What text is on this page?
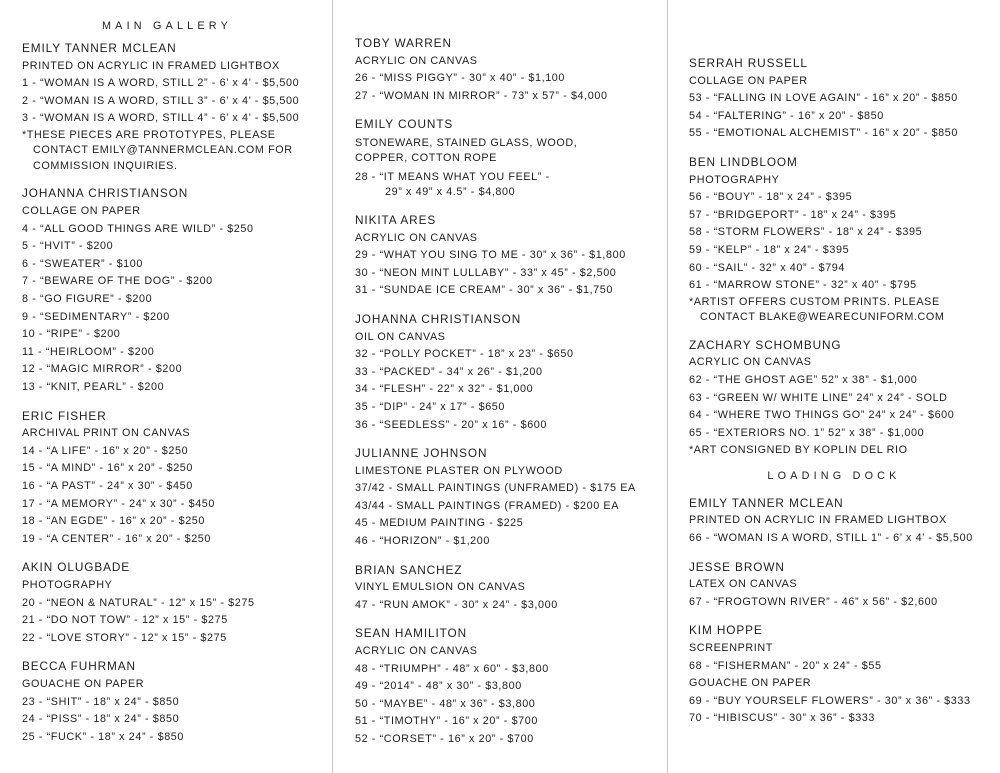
MAIN GALLERY
EMILY TANNER MCLEAN
PRINTED ON ACRYLIC IN FRAMED LIGHTBOX
1 - “WOMAN IS A WORD, STILL 2” - 6’ x 4’ - $5,500
2 - “WOMAN IS A WORD, STILL 3” - 6’ x 4’ - $5,500
3 - “WOMAN IS A WORD, STILL 4” - 6’ x 4’ - $5,500
*THESE PIECES ARE PROTOTYPES, PLEASE
CONTACT EMILY@TANNERMCLEAN.COM FOR
COMMISSION INQUIRIES.
JOHANNA CHRISTIANSON
COLLAGE ON PAPER
4 - “ALL GOOD THINGS ARE WILD” - $250
5 - “HVIT” - $200
6 - “SWEATER” - $100
7 - “BEWARE OF THE DOG” - $200
8 - “GO FIGURE” - $200
9 - “SEDIMENTARY” - $200
10 - “RIPE” - $200
11 - “HEIRLOOM” - $200
12 - “MAGIC MIRROR” - $200
13 - “KNIT, PEARL” - $200
ERIC FISHER
ARCHIVAL PRINT ON CANVAS
14 - “A LIFE” - 16” x 20” - $250
15 - “A MIND” - 16” x 20” - $250
16 - “A PAST” - 24” x 30” - $450
17 - “A MEMORY” - 24” x 30” - $450
18 - “AN EGDE” - 16” x 20” - $250
19 - “A CENTER” - 16” x 20” - $250
AKIN OLUGBADE
PHOTOGRAPHY
20 - “NEON & NATURAL” - 12” x 15” - $275
21 - “DO NOT TOW” - 12” x 15” - $275
22 - “LOVE STORY” - 12” x 15” - $275
BECCA FUHRMAN
GOUACHE ON PAPER
23 - “SHIT” - 18” x 24” - $850
24 - “PISS” - 18” x 24” - $850
25 - “FUCK” - 18” x 24” - $850
TOBY WARREN
ACRYLIC ON CANVAS
26 - “MISS PIGGY” - 30” x 40” - $1,100
27 - “WOMAN IN MIRROR” - 73” x 57” - $4,000
EMILY COUNTS
STONEWARE, STAINED GLASS, WOOD,
COPPER, COTTON ROPE
28 - “IT MEANS WHAT YOU FEEL” -
29” x 49” x 4.5” - $4,800
NIKITA ARES
ACRYLIC ON CANVAS
29 - “WHAT YOU SING TO ME - 30” x 36” - $1,800
30 - “NEON MINT LULLABY” - 33” x 45” - $2,500
31 - “SUNDAE ICE CREAM” - 30” x 36” - $1,750
JOHANNA CHRISTIANSON
OIL ON CANVAS
32 - “POLLY POCKET” - 18” x 23” - $650
33 - “PACKED” - 34” x 26” - $1,200
34 - “FLESH” - 22” x 32” - $1,000
35 - “DIP” - 24” x 17” - $650
36 - “SEEDLESS” - 20” x 16” - $600
JULIANNE JOHNSON
LIMESTONE PLASTER ON PLYWOOD
37/42 - SMALL PAINTINGS (UNFRAMED) - $175 EA
43/44 - SMALL PAINTINGS (FRAMED) - $200 EA
45 - MEDIUM PAINTING - $225
46 - “HORIZON” - $1,200
BRIAN SANCHEZ
VINYL EMULSION ON CANVAS
47 - “RUN AMOK” - 30” x 24” - $3,000
SEAN HAMILITON
ACRYLIC ON CANVAS
48 - “TRIUMPH” - 48” x 60” - $3,800
49 - “2014” - 48” x 30” - $3,800
50 - “MAYBE” - 48” x 36” - $3,800
51 - “TIMOTHY” - 16” x 20” - $700
52 - “CORSET” - 16” x 20” - $700
SERRAH RUSSELL
COLLAGE ON PAPER
53 - “FALLING IN LOVE AGAIN” - 16” x 20” - $850
54 - “FALTERING” - 16” x 20” - $850
55 - “EMOTIONAL ALCHEMIST” - 16” x 20” - $850
BEN LINDBLOOM
PHOTOGRAPHY
56 - “BOUY” - 18” x 24” - $395
57 - “BRIDGEPORT” - 18” x 24” - $395
58 - “STORM FLOWERS” - 18” x 24” - $395
59 - “KELP” - 18” x 24” - $395
60 - “SAIL” - 32” x 40” - $794
61 - “MARROW STONE” - 32” x 40” - $795
*ARTIST OFFERS CUSTOM PRINTS. PLEASE
CONTACT BLAKE@WEARECUNIFORM.COM
ZACHARY SCHOMBUNG
ACRYLIC ON CANVAS
62 - “THE GHOST AGE” 52” x 38” - $1,000
63 - “GREEN W/ WHITE LINE” 24” x 24” - SOLD
64 - “WHERE TWO THINGS GO” 24” x 24” - $600
65 - “EXTERIORS NO. 1” 52” x 38” - $1,000
*ART CONSIGNED BY KOPLIN DEL RIO
LOADING DOCK
EMILY TANNER MCLEAN
PRINTED ON ACRYLIC IN FRAMED LIGHTBOX
66 - “WOMAN IS A WORD, STILL 1” - 6’ x 4’ - $5,500
JESSE BROWN
LATEX ON CANVAS
67 - “FROGTOWN RIVER” - 46” x 56” - $2,600
KIM HOPPE
SCREENPRINT
68 - “FISHERMAN” - 20” x 24” - $55
GOUACHE ON PAPER
69 - “BUY YOURSELF FLOWERS” - 30” x 36” - $333
70 - “HIBISCUS” - 30” x 36” - $333
